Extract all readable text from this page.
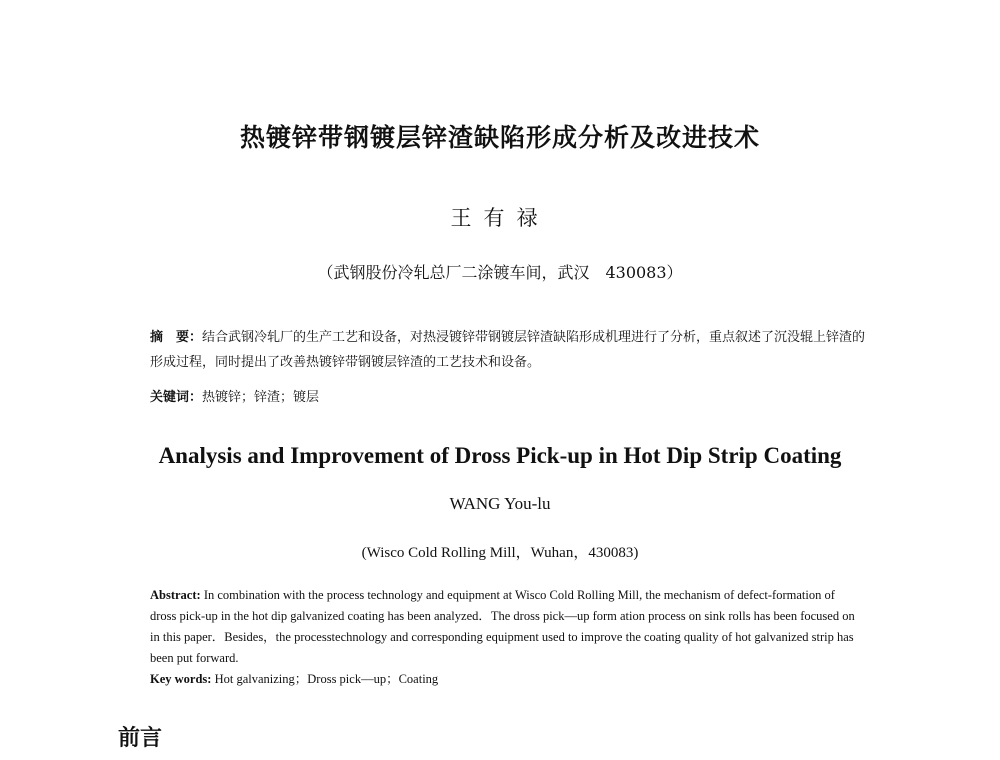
热镀锌带钢镀层锌渣缺陷形成分析及改进技术
王有禄
（武钢股份冷轧总厂二涂镀车间，武汉　430083）
摘　要：结合武钢冷轧厂的生产工艺和设备，对热浸镀锌带钢镀层锌渣缺陷形成机理进行了分析，重点叙述了沉没辊上锌渣的形成过程，同时提出了改善热镀锌带钢镀层锌渣的工艺技术和设备。
关键词：热镀锌；锌渣；镀层
Analysis and Improvement of Dross Pick-up in Hot Dip Strip Coating
WANG You-lu
(Wisco Cold Rolling Mill，Wuhan，430083)
Abstract: In combination with the process technology and equipment at Wisco Cold Rolling Mill, the mechanism of defect-formation of dross pick-up in the hot dip galvanized coating has been analyzed．The dross pick—up form ation process on sink rolls has been focused on in this paper．Besides，the processtechnology and corresponding equipment used to improve the coating quality of hot galvanized strip has been put forward.
Key words: Hot galvanizing；Dross pick—up；Coating
前言
